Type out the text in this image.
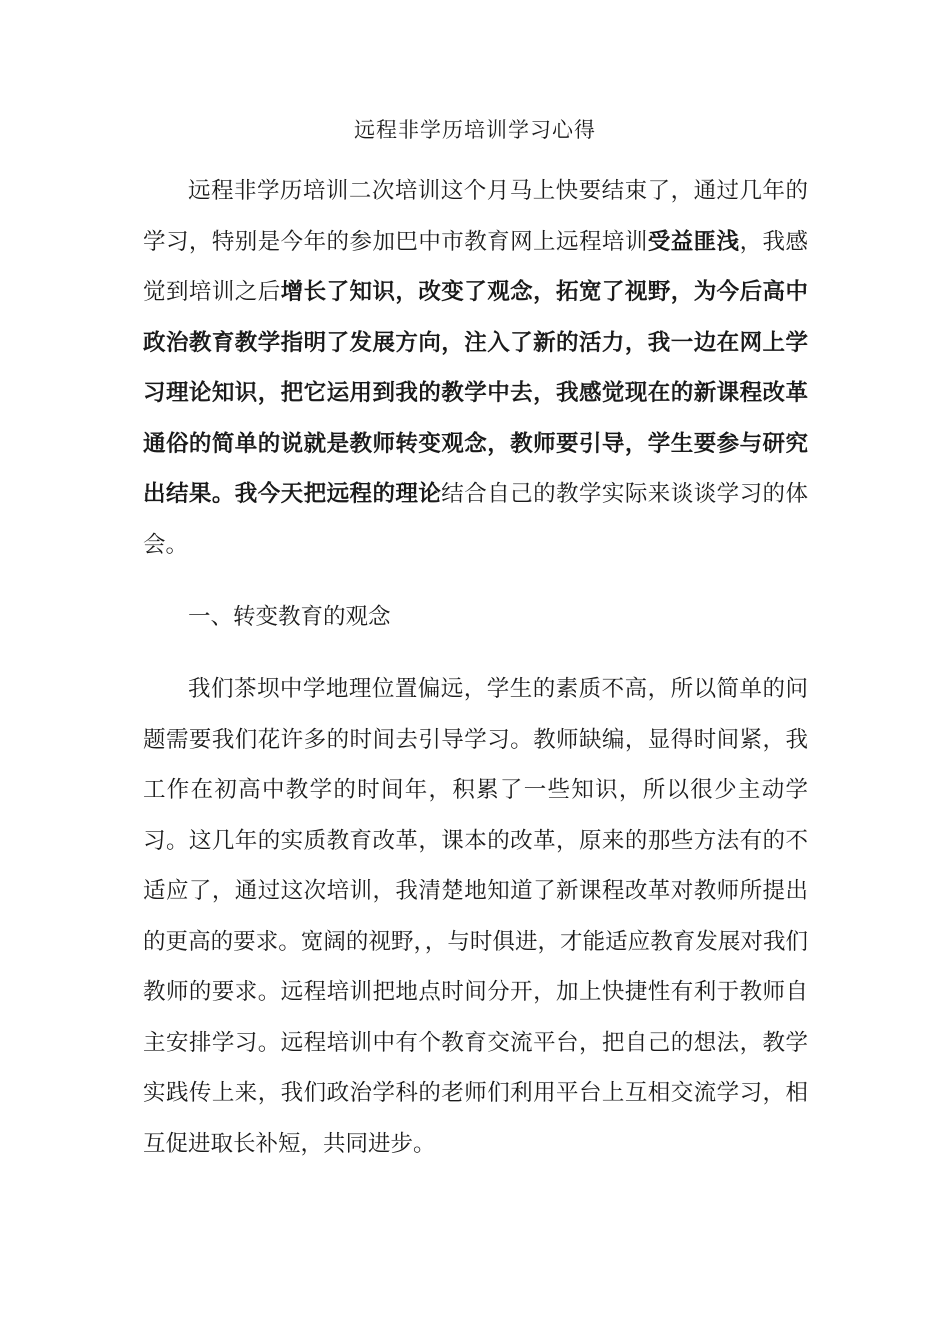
远程非学历培训学习心得

远程非学历培训二次培训这个月马上快要结束了，通过几年的学习，特别是今年的参加巴中市教育网上远程培训受益匪浅，我感觉到培训之后增长了知识，改变了观念，拓宽了视野，为今后高中政治教育教学指明了发展方向，注入了新的活力，我一边在网上学习理论知识，把它运用到我的教学中去，我感觉现在的新课程改革通俗的简单的说就是教师转变观念，教师要引导，学生要参与研究出结果。我今天把远程的理论结合自己的教学实际来谈谈学习的体会。

一、转变教育的观念

我们茶坝中学地理位置偏远，学生的素质不高，所以简单的问题需要我们花许多的时间去引导学习。教师缺编，显得时间紧，我工作在初高中教学的时间年，积累了一些知识，所以很少主动学习。这几年的实质教育改革，课本的改革，原来的那些方法有的不适应了，通过这次培训，我清楚地知道了新课程改革对教师所提出的更高的要求。宽阔的视野，，与时俱进，才能适应教育发展对我们教师的要求。远程培训把地点时间分开，加上快捷性有利于教师自主安排学习。远程培训中有个教育交流平台，把自己的想法，教学实践传上来，我们政治学科的老师们利用平台上互相交流学习，相互促进取长补短，共同进步。
